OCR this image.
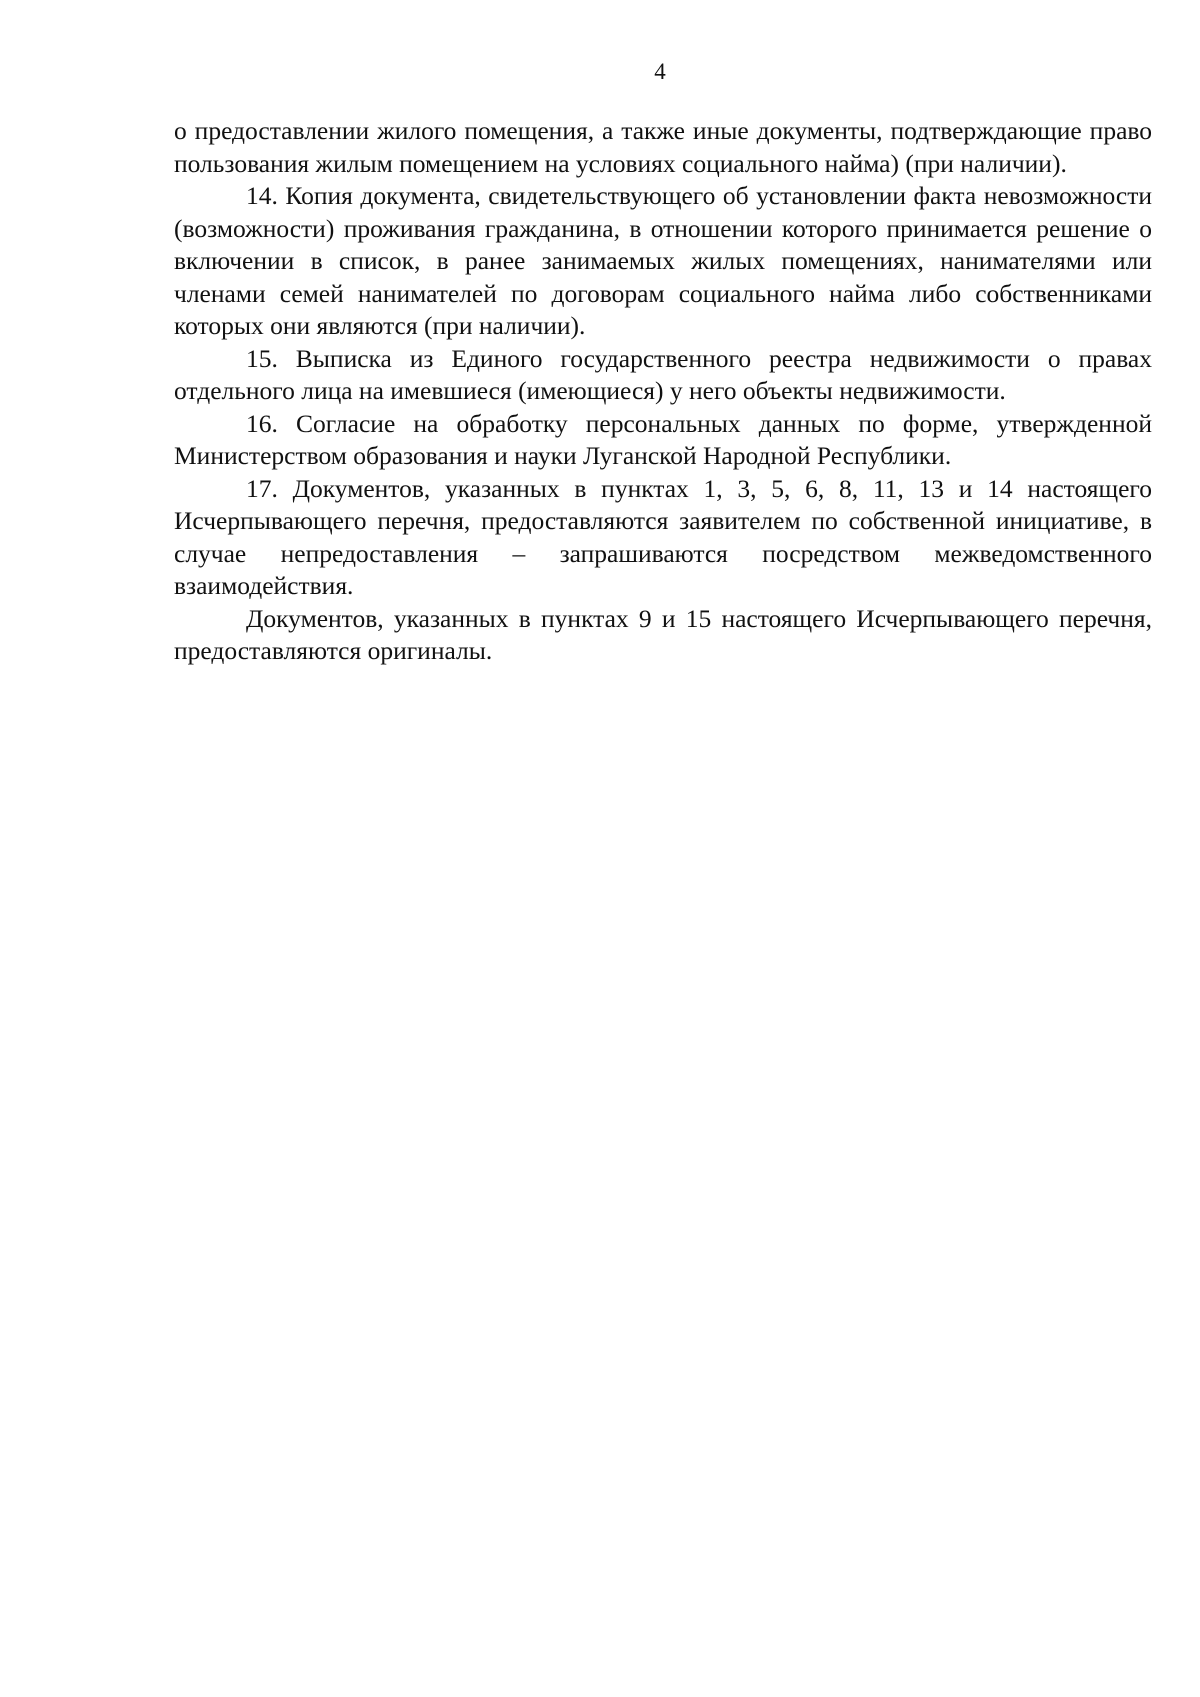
4

о предоставлении жилого помещения, а также иные документы, подтверждающие право пользования жилым помещением на условиях социального найма) (при наличии).

14. Копия документа, свидетельствующего об установлении факта невозможности (возможности) проживания гражданина, в отношении которого принимается решение о включении в список, в ранее занимаемых жилых помещениях, нанимателями или членами семей нанимателей по договорам социального найма либо собственниками которых они являются (при наличии).

15. Выписка из Единого государственного реестра недвижимости о правах отдельного лица на имевшиеся (имеющиеся) у него объекты недвижимости.

16. Согласие на обработку персональных данных по форме, утвержденной Министерством образования и науки Луганской Народной Республики.

17. Документов, указанных в пунктах 1, 3, 5, 6, 8, 11, 13 и 14 настоящего Исчерпывающего перечня, предоставляются заявителем по собственной инициативе, в случае непредоставления – запрашиваются посредством межведомственного взаимодействия.

Документов, указанных в пунктах 9 и 15 настоящего Исчерпывающего перечня, предоставляются оригиналы.
